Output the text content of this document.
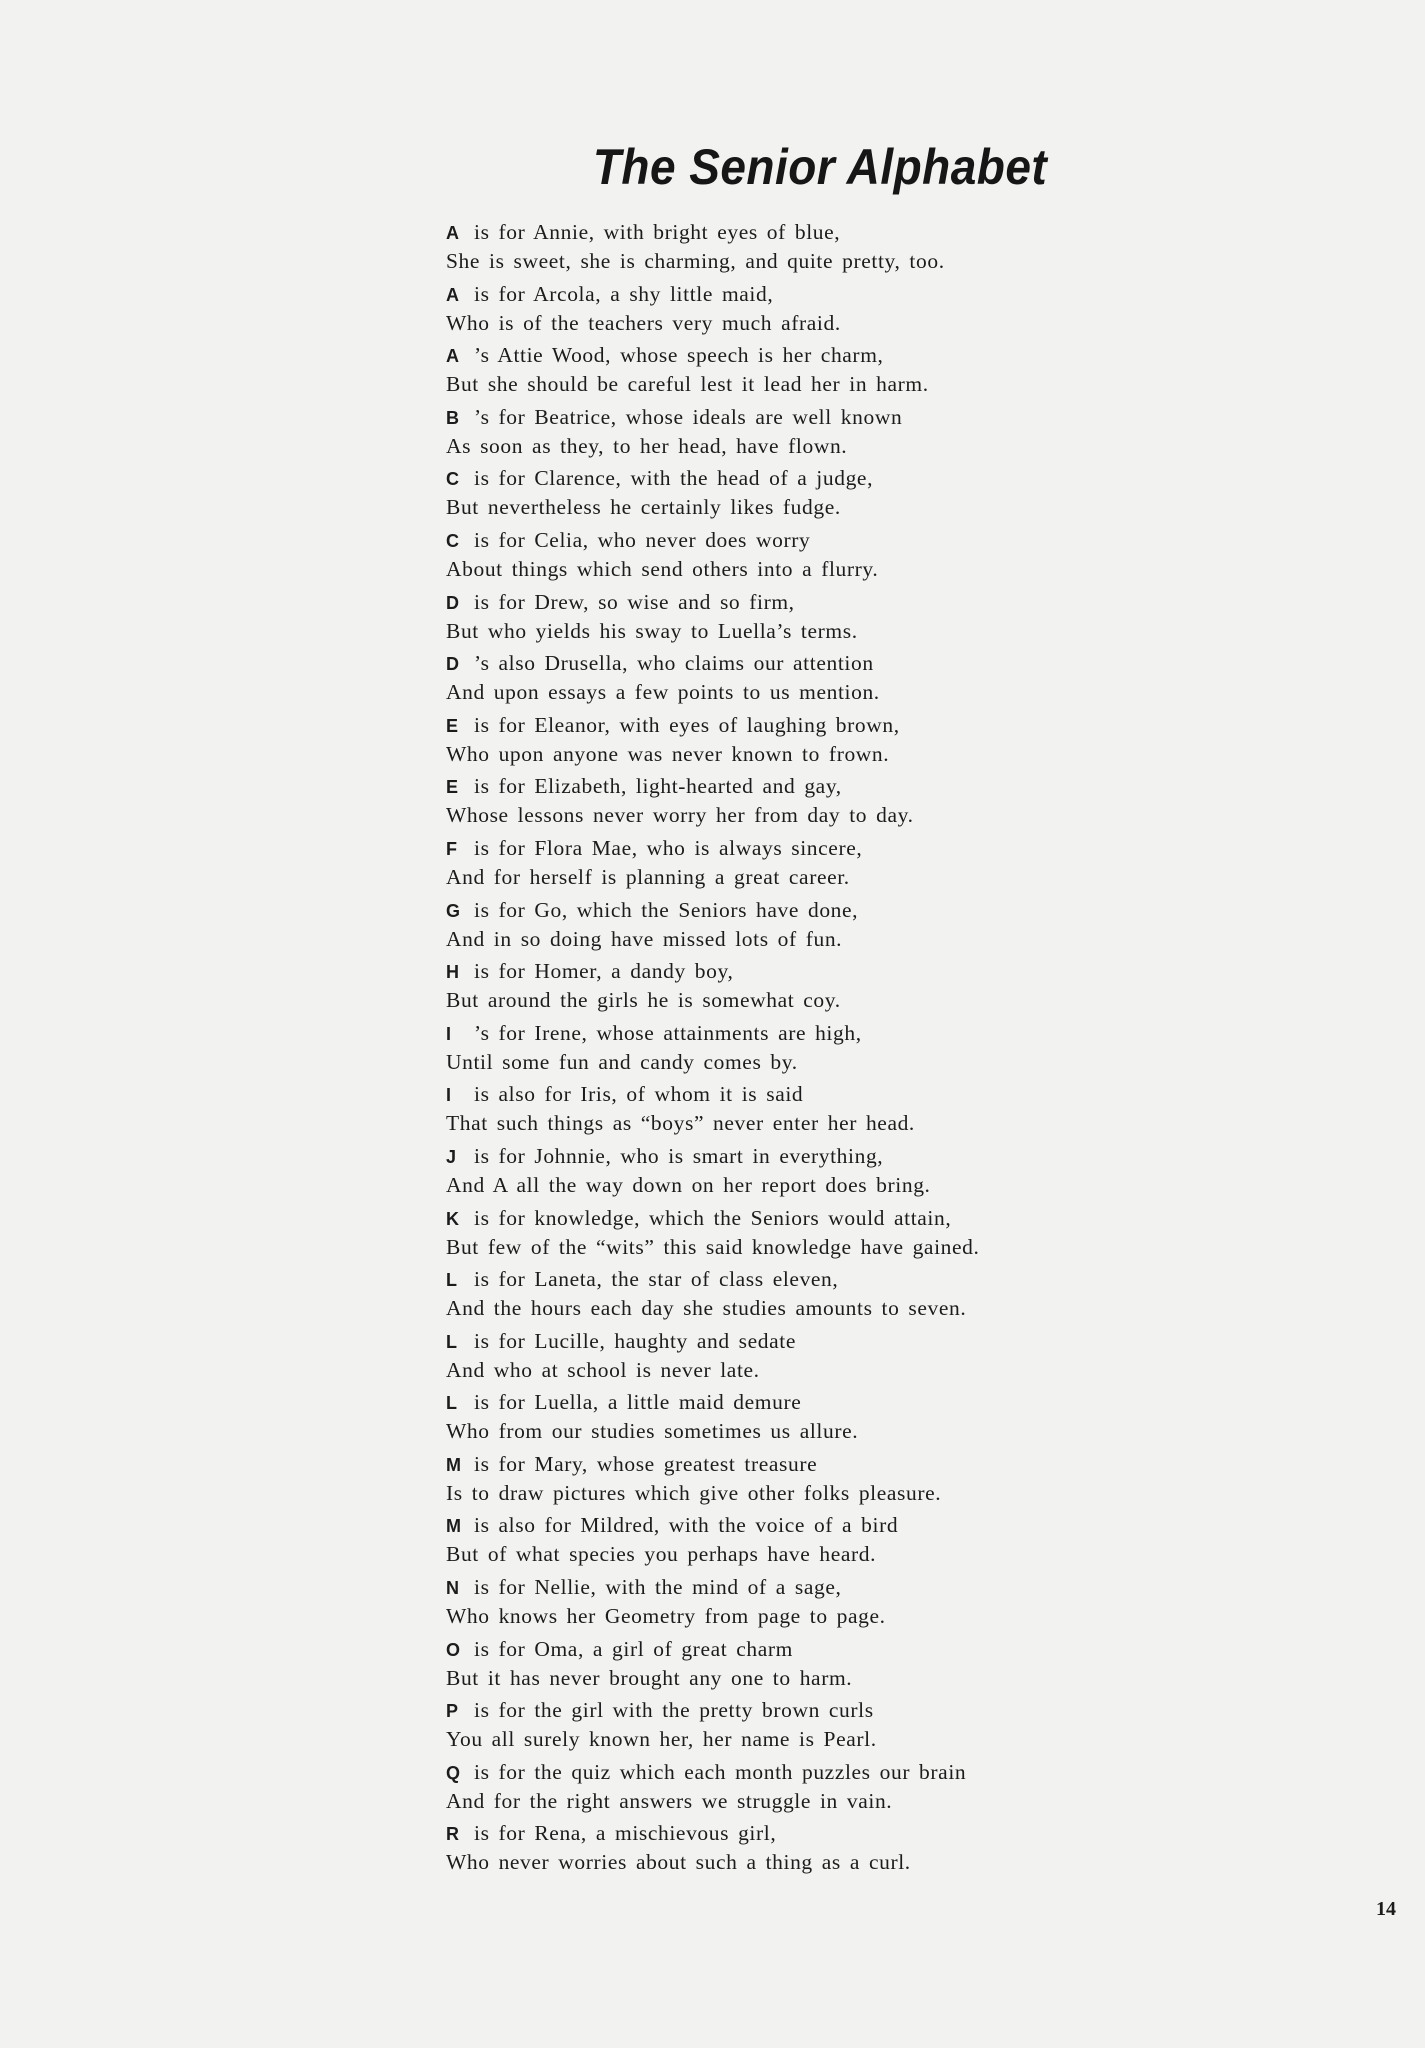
The Senior Alphabet
A is for Annie, with bright eyes of blue,
She is sweet, she is charming, and quite pretty, too.
A is for Arcola, a shy little maid,
Who is of the teachers very much afraid.
A ’s Attie Wood, whose speech is her charm,
But she should be careful lest it lead her in harm.
B ’s for Beatrice, whose ideals are well known
As soon as they, to her head, have flown.
C is for Clarence, with the head of a judge,
But nevertheless he certainly likes fudge.
C is for Celia, who never does worry
About things which send others into a flurry.
D is for Drew, so wise and so firm,
But who yields his sway to Luella’s terms.
D ’s also Drusella, who claims our attention
And upon essays a few points to us mention.
E is for Eleanor, with eyes of laughing brown,
Who upon anyone was never known to frown.
E is for Elizabeth, light-hearted and gay,
Whose lessons never worry her from day to day.
F is for Flora Mae, who is always sincere,
And for herself is planning a great career.
G is for Go, which the Seniors have done,
And in so doing have missed lots of fun.
H is for Homer, a dandy boy,
But around the girls he is somewhat coy.
I ’s for Irene, whose attainments are high,
Until some fun and candy comes by.
I is also for Iris, of whom it is said
That such things as “boys” never enter her head.
J is for Johnnie, who is smart in everything,
And A all the way down on her report does bring.
K is for knowledge, which the Seniors would attain,
But few of the “wits” this said knowledge have gained.
L is for Laneta, the star of class eleven,
And the hours each day she studies amounts to seven.
L is for Lucille, haughty and sedate
And who at school is never late.
L is for Luella, a little maid demure
Who from our studies sometimes us allure.
M is for Mary, whose greatest treasure
Is to draw pictures which give other folks pleasure.
M is also for Mildred, with the voice of a bird
But of what species you perhaps have heard.
N is for Nellie, with the mind of a sage,
Who knows her Geometry from page to page.
O is for Oma, a girl of great charm
But it has never brought any one to harm.
P is for the girl with the pretty brown curls
You all surely known her, her name is Pearl.
Q is for the quiz which each month puzzles our brain
And for the right answers we struggle in vain.
R is for Rena, a mischievous girl,
Who never worries about such a thing as a curl.
14
